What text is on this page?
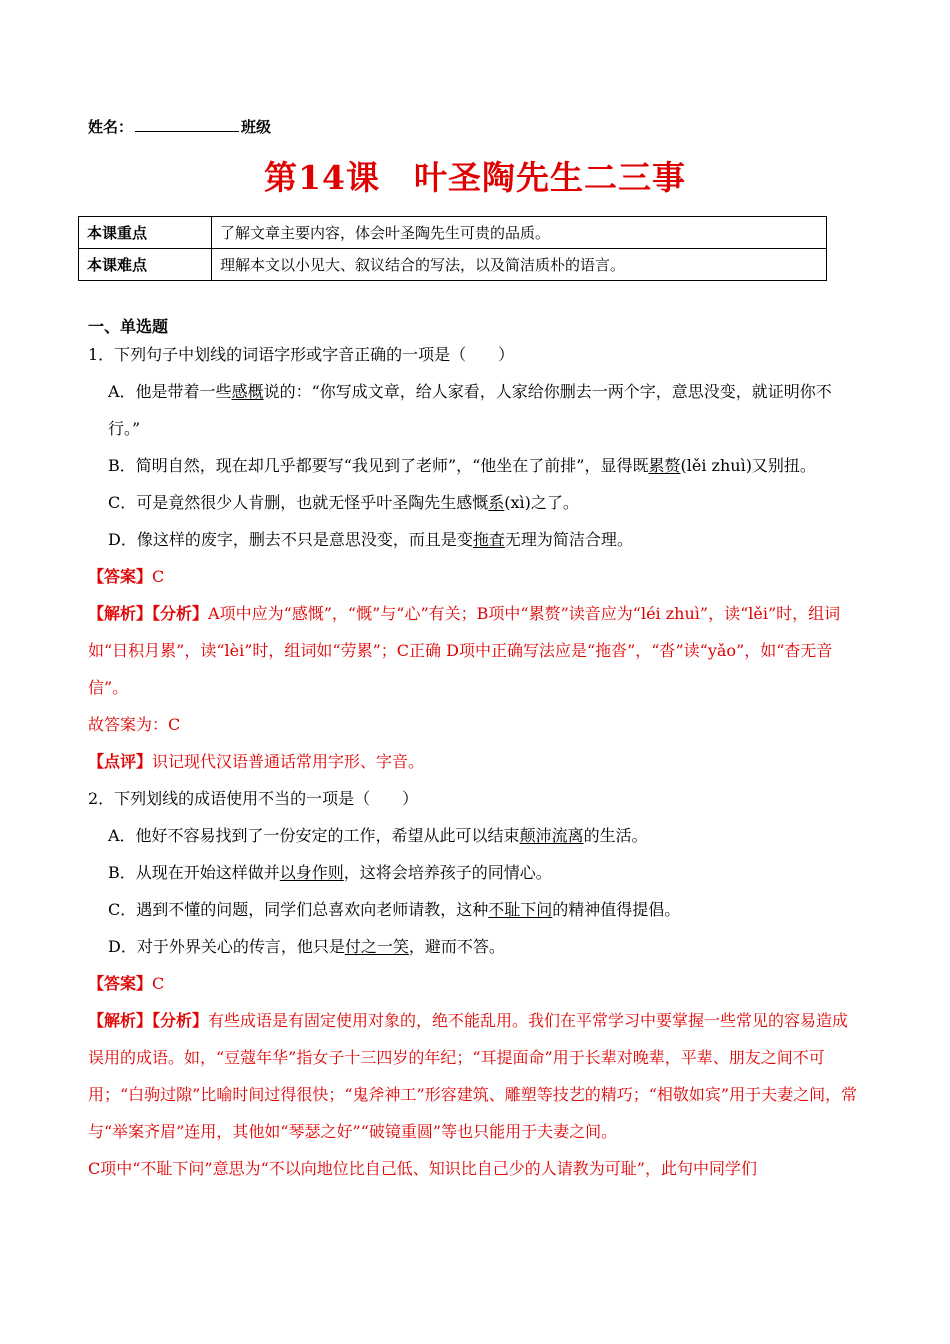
姓名：	班级
第14课　叶圣陶先生二三事
本课重点	了解文章主要内容，体会叶圣陶先生可贵的品质。
本课难点	理解本文以小见大、叙议结合的写法，以及简洁质朴的语言。
一、单选题

1．下列句子中划线的词语字形或字音正确的一项是（　　）

A．他是带着一些感概说的：“你写成文章，给人家看，人家给你删去一两个字，意思没变，就证明你不行。”

B．简明自然，现在却几乎都要写“我见到了老师”，“他坐在了前排”，显得既累赘(lěi zhuì)又别扭。

C．可是竟然很少人肯删，也就无怪乎叶圣陶先生感慨系(xì)之了。

D．像这样的废字，删去不只是意思没变，而且是变拖査无理为简洁合理。

【答案】C

【解析】【分析】A项中应为“感慨”，“慨”与“心”有关；B项中“累赘”读音应为“léi zhuì”，读“lěi”时，组词如“日积月累”，读“lèi”时，组词如“劳累”；C正确 D项中正确写法应是“拖沓”，“沓”读“yǎo”，如“杳无音信”。

故答案为：C

【点评】识记现代汉语普通话常用字形、字音。

2．下列划线的成语使用不当的一项是（　　）

A．他好不容易找到了一份安定的工作，希望从此可以结束颠沛流离的生活。

B．从现在开始这样做并以身作则，这将会培养孩子的同情心。

C．遇到不懂的问题，同学们总喜欢向老师请教，这种不耻下问的精神值得提倡。

D．对于外界关心的传言，他只是付之一笑，避而不答。

【答案】C

【解析】【分析】有些成语是有固定使用对象的，绝不能乱用。我们在平常学习中要掌握一些常见的容易造成误用的成语。如，“豆蔻年华”指女子十三四岁的年纪；“耳提面命”用于长辈对晚辈，平辈、朋友之间不可用；“白驹过隙”比喻时间过得很快；“鬼斧神工”形容建筑、雕塑等技艺的精巧；“相敬如宾”用于夫妻之间，常与“举案齐眉”连用，其他如“琴瑟之好”“破镜重圆”等也只能用于夫妻之间。

C项中“不耻下问”意思为“不以向地位比自己低、知识比自己少的人请教为可耻”，此句中同学们
